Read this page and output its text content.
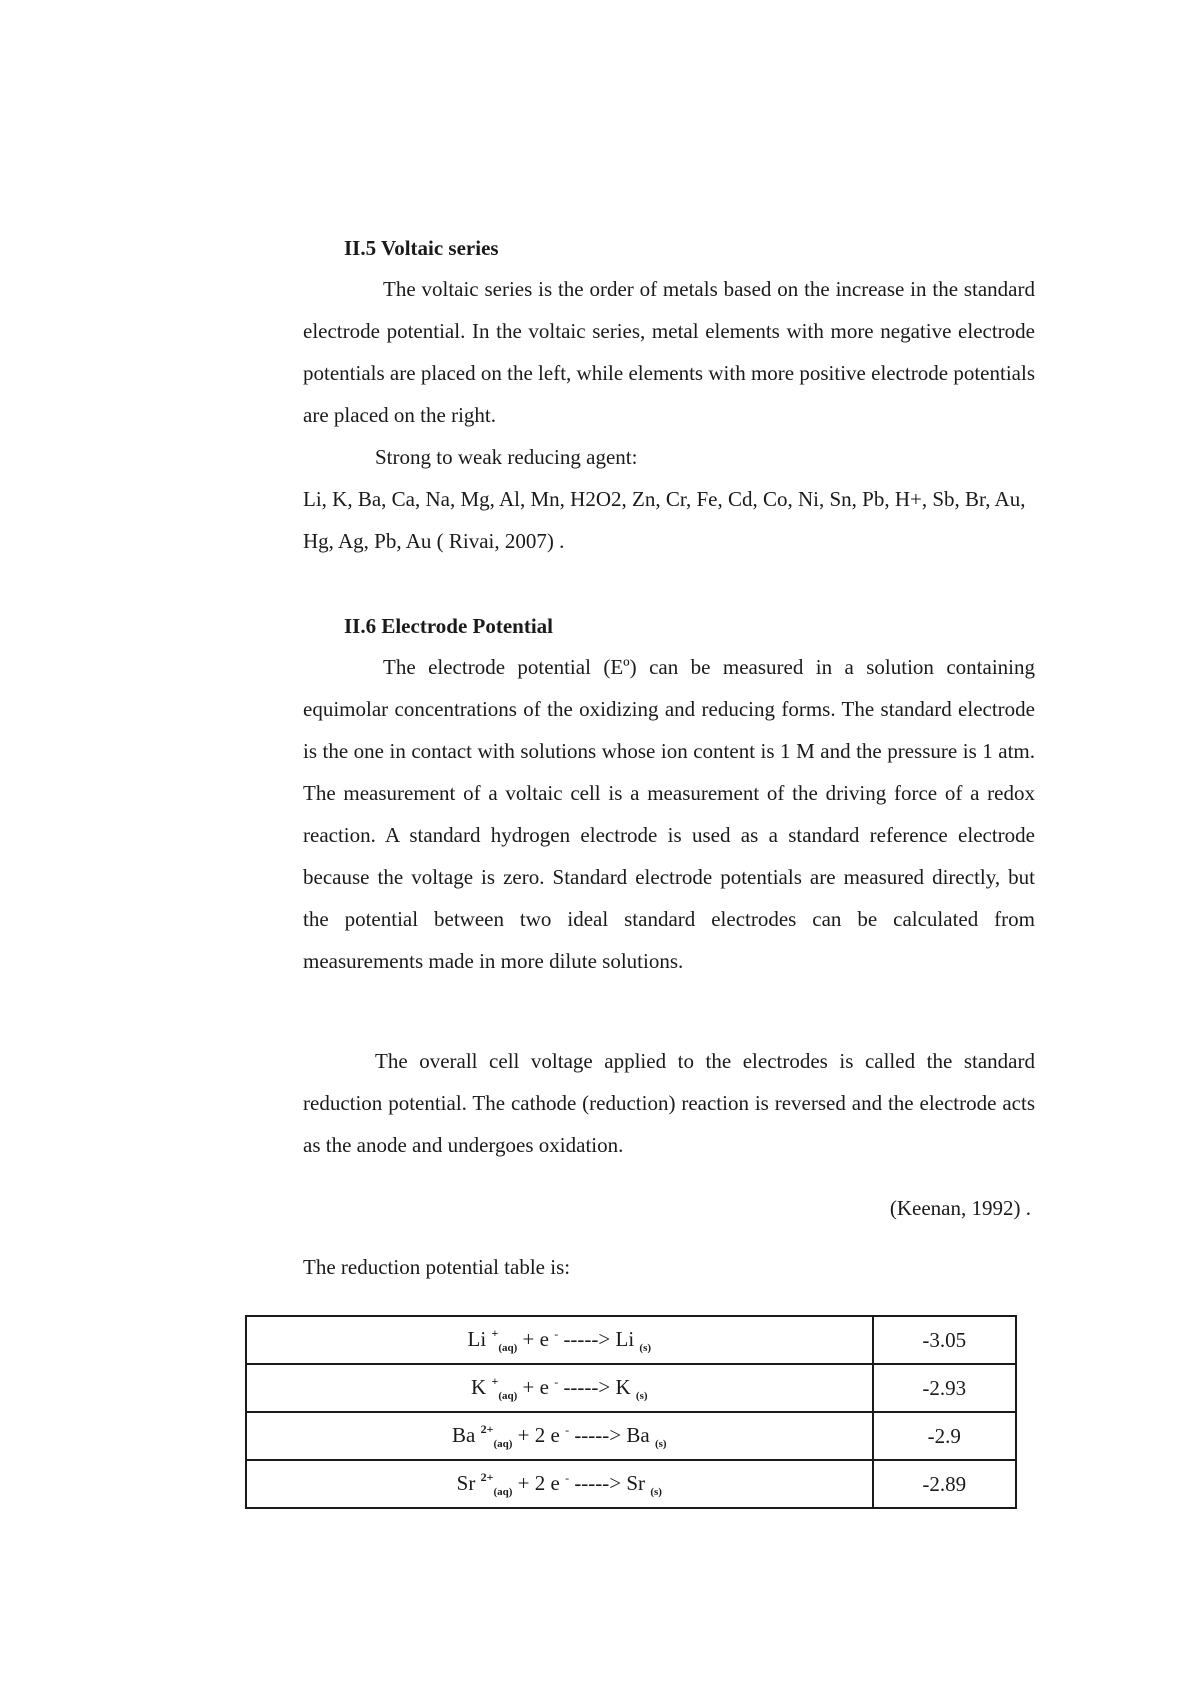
II.5 Voltaic series
The voltaic series is the order of metals based on the increase in the standard electrode potential. In the voltaic series, metal elements with more negative electrode potentials are placed on the left, while elements with more positive electrode potentials are placed on the right.
Strong to weak reducing agent:
Li, K, Ba, Ca, Na, Mg, Al, Mn, H2O2, Zn, Cr, Fe, Cd, Co, Ni, Sn, Pb, H+, Sb, Br, Au, Hg, Ag, Pb, Au ( Rivai, 2007) .
II.6 Electrode Potential
The electrode potential (Eº) can be measured in a solution containing equimolar concentrations of the oxidizing and reducing forms. The standard electrode is the one in contact with solutions whose ion content is 1 M and the pressure is 1 atm. The measurement of a voltaic cell is a measurement of the driving force of a redox reaction. A standard hydrogen electrode is used as a standard reference electrode because the voltage is zero. Standard electrode potentials are measured directly, but the potential between two ideal standard electrodes can be calculated from measurements made in more dilute solutions.
The overall cell voltage applied to the electrodes is called the standard reduction potential. The cathode (reduction) reaction is reversed and the electrode acts as the anode and undergoes oxidation.
(Keenan, 1992) .
The reduction potential table is:
Li +$_{(aq)}$ + e - -----> Li $_{(s)}$	-3.05
K +$_{(aq)}$ + e - -----> K $_{(s)}$	-2.93
Ba $^{2+}_{(aq)}$ + 2 e - -----> Ba $_{(s)}$	-2.9
Sr $^{2+}_{(aq)}$ + 2 e - -----> Sr $_{(s)}$	-2.89
